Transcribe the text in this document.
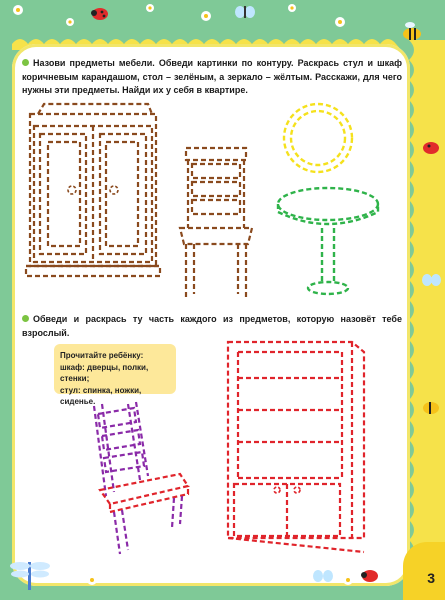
Назови предметы мебели. Обведи картинки по контуру. Раскрась стул и шкаф коричневым карандашом, стол – зелёным, а зеркало – жёлтым. Расскажи, для чего нужны эти предметы. Найди их у себя в квартире.
Обведи и раскрась ту часть каждого из предметов, которую назовёт тебе взрослый.
Прочитайте ребёнку:
шкаф: дверцы, полки, стенки;
стул: спинка, ножки, сиденье.
3
